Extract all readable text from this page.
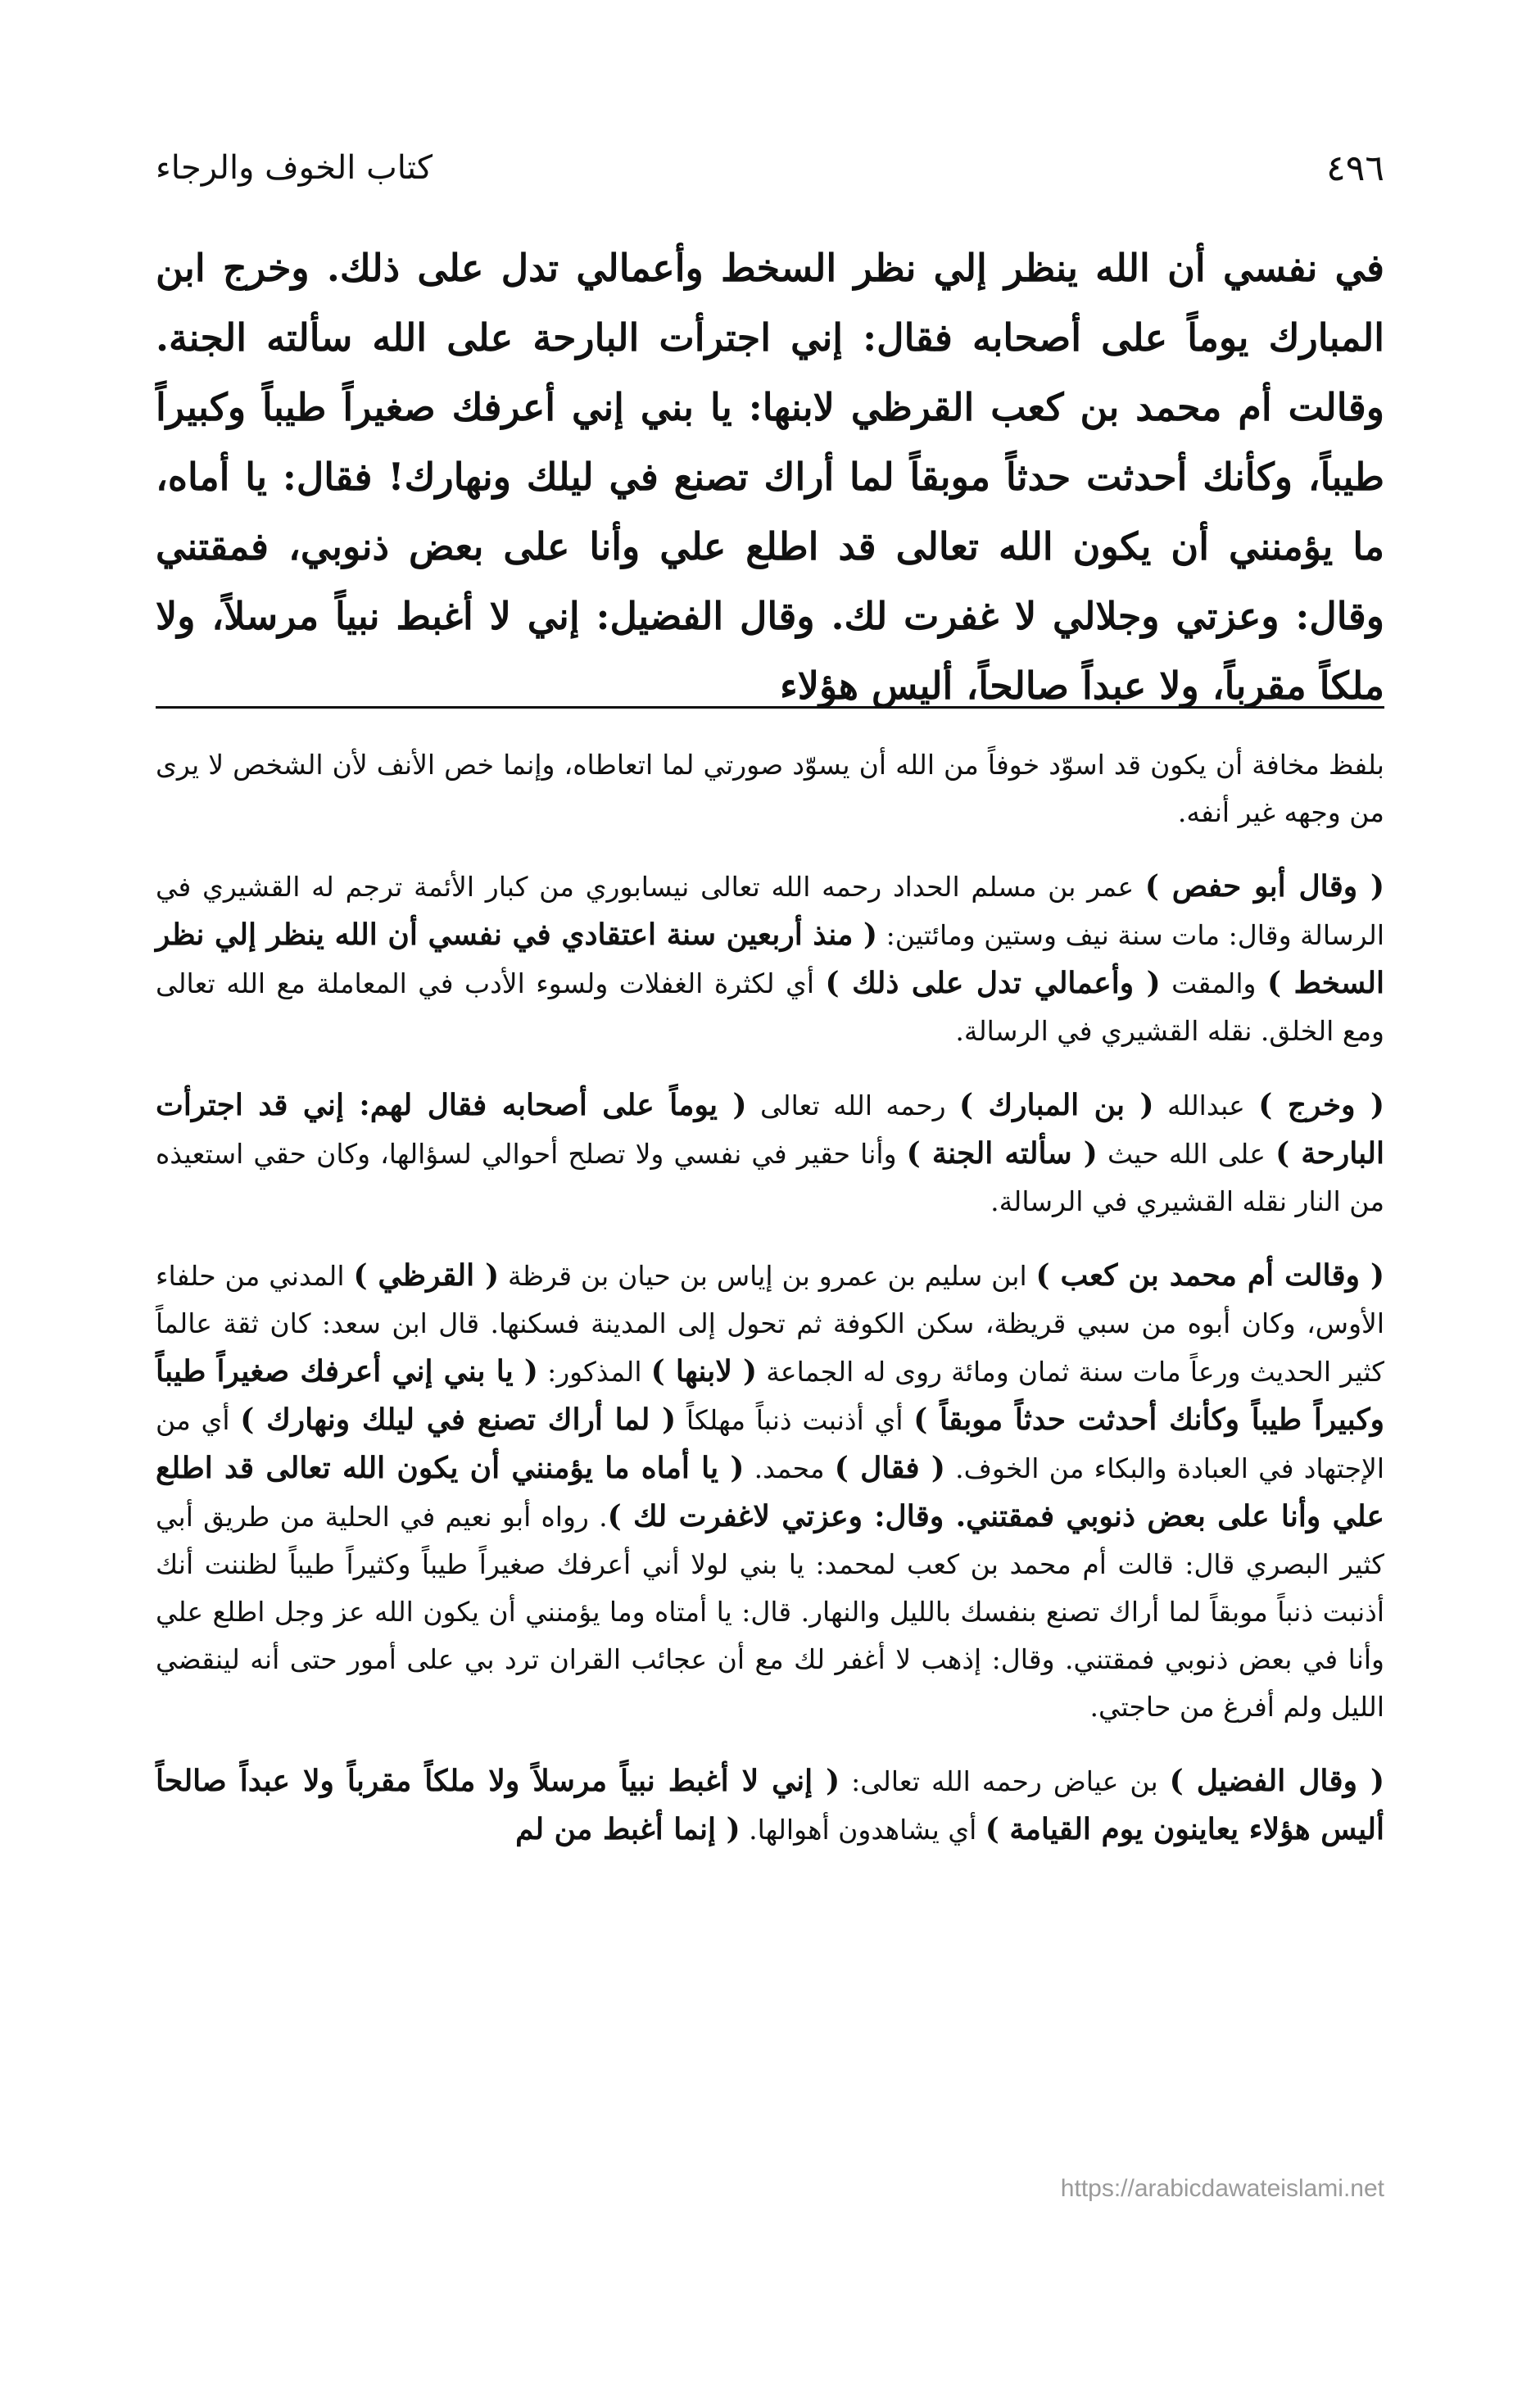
٤٩٦
كتاب الخوف والرجاء
في نفسي أن الله ينظر إلي نظر السخط وأعمالي تدل على ذلك. وخرج ابن المبارك يوماً على أصحابه فقال: إني اجترأت البارحة على الله سألته الجنة. وقالت أم محمد بن كعب القرظي لابنها: يا بني إني أعرفك صغيراً طيباً وكبيراً طيباً، وكأنك أحدثت حدثاً موبقاً لما أراك تصنع في ليلك ونهارك! فقال: يا أماه، ما يؤمنني أن يكون الله تعالى قد اطلع علي وأنا على بعض ذنوبي، فمقتني وقال: وعزتي وجلالي لا غفرت لك. وقال الفضيل: إني لا أغبط نبياً مرسلاً، ولا ملكاً مقرباً، ولا عبداً صالحاً، أليس هؤلاء

بلفظ مخافة أن يكون قد اسوّد خوفاً من الله أن يسوّد صورتي لما اتعاطاه، وإنما خص الأنف لأن الشخص لا يرى من وجهه غير أنفه.

( وقال أبو حفص ) عمر بن مسلم الحداد رحمه الله تعالى نيسابوري من كبار الأئمة ترجم له القشيري في الرسالة وقال: مات سنة نيف وستين ومائتين: ( منذ أربعين سنة اعتقادي في نفسي أن الله ينظر إلي نظر السخط ) والمقت ( وأعمالي تدل على ذلك ) أي لكثرة الغفلات ولسوء الأدب في المعاملة مع الله تعالى ومع الخلق. نقله القشيري في الرسالة.

( وخرج ) عبدالله ( بن المبارك ) رحمه الله تعالى ( يوماً على أصحابه فقال لهم: إني قد اجترأت البارحة ) على الله حيث ( سألته الجنة ) وأنا حقير في نفسي ولا تصلح أحوالي لسؤالها، وكان حقي استعيذه من النار نقله القشيري في الرسالة.

( وقالت أم محمد بن كعب ) ابن سليم بن عمرو بن إياس بن حيان بن قرظة ( القرظي ) المدني من حلفاء الأوس، وكان أبوه من سبي قريظة، سكن الكوفة ثم تحول إلى المدينة فسكنها. قال ابن سعد: كان ثقة عالماً كثير الحديث ورعاً مات سنة ثمان ومائة روى له الجماعة ( لابنها ) المذكور: ( يا بني إني أعرفك صغيراً طيباً وكبيراً طيباً وكأنك أحدثت حدثاً موبقاً ) أي أذنبت ذنباً مهلكاً ( لما أراك تصنع في ليلك ونهارك ) أي من الإجتهاد في العبادة والبكاء من الخوف. ( فقال ) محمد. ( يا أماه ما يؤمنني أن يكون الله تعالى قد اطلع علي وأنا على بعض ذنوبي فمقتني. وقال: وعزتي لاغفرت لك ). رواه أبو نعيم في الحلية من طريق أبي كثير البصري قال: قالت أم محمد بن كعب لمحمد: يا بني لولا أني أعرفك صغيراً طيباً وكثيراً طيباً لظننت أنك أذنبت ذنباً موبقاً لما أراك تصنع بنفسك بالليل والنهار. قال: يا أمتاه وما يؤمنني أن يكون الله عز وجل اطلع علي وأنا في بعض ذنوبي فمقتني. وقال: إذهب لا أغفر لك مع أن عجائب القران ترد بي على أمور حتى أنه لينقضي الليل ولم أفرغ من حاجتي.

( وقال الفضيل ) بن عياض رحمه الله تعالى: ( إني لا أغبط نبياً مرسلاً ولا ملكاً مقرباً ولا عبداً صالحاً أليس هؤلاء يعاينون يوم القيامة ) أي يشاهدون أهوالها. ( إنما أغبط من لم

https://arabicdawateislami.net
